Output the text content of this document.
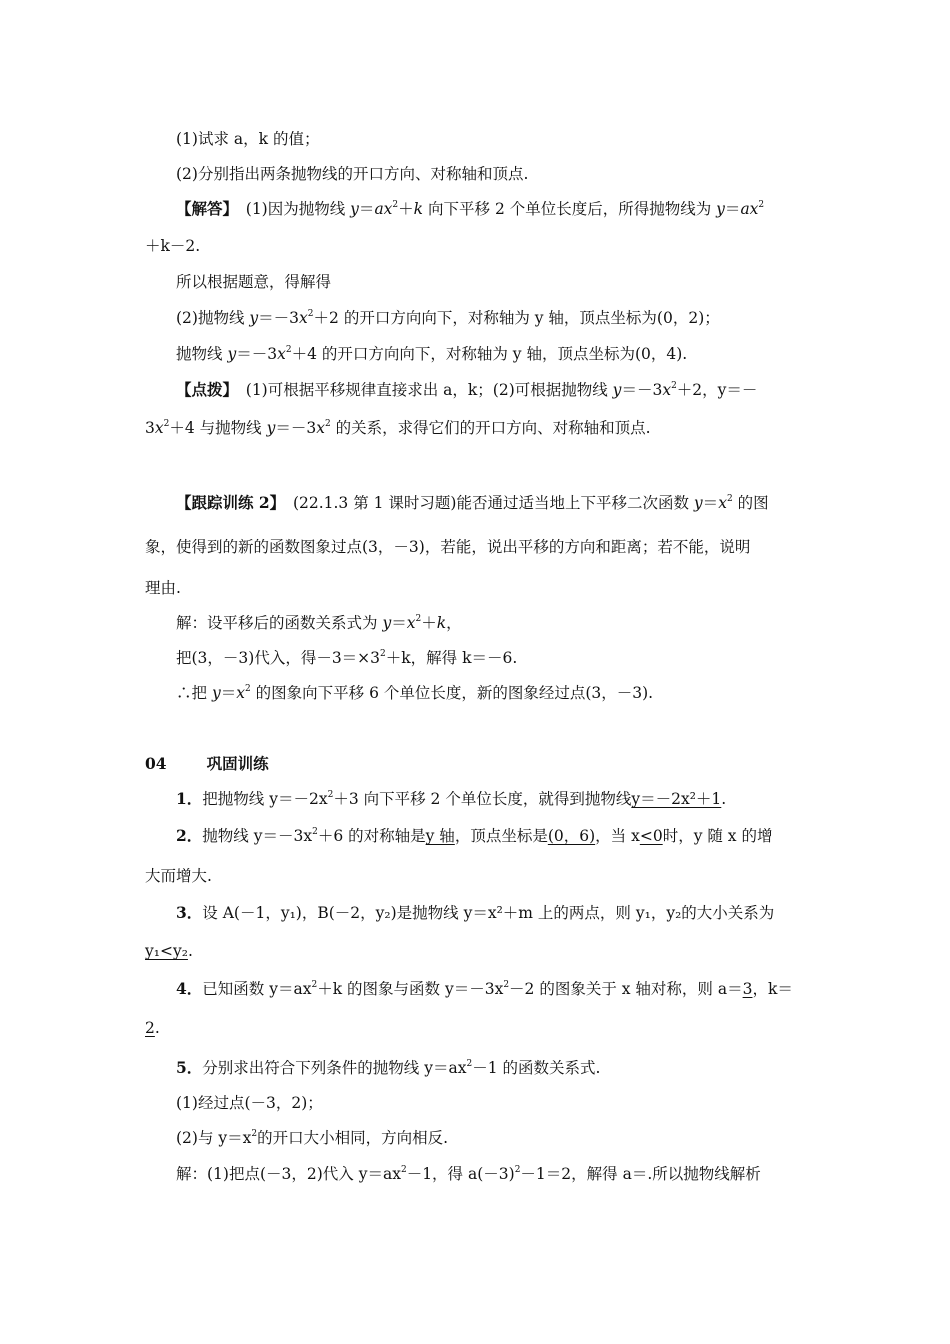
(1)试求 a，k 的值；
(2)分别指出两条抛物线的开口方向、对称轴和顶点.
【解答】　(1)因为抛物线 $y=ax^2+k$ 向下平移 2 个单位长度后，所得抛物线为 $y=ax^2$
＋k－2.
所以根据题意，得解得
(2)抛物线 $y=-3x^2+2$ 的开口方向向下，对称轴为 y 轴，顶点坐标为(0，2)；
抛物线 $y=-3x^2+4$ 的开口方向向下，对称轴为 y 轴，顶点坐标为(0，4).
【点拨】　(1)可根据平移规律直接求出 a，k；(2)可根据抛物线 $y=-3x^2+2$，y＝－
$3x^2+4$ 与抛物线 $y=-3x^2$ 的关系，求得它们的开口方向、对称轴和顶点.
【跟踪训练 2】　(22.1.3 第 1 课时习题)能否通过适当地上下平移二次函数 $y=x^2$ 的图
象，使得到的新的函数图象过点(3，－3)，若能，说出平移的方向和距离；若不能，说明
理由.
解：设平移后的函数关系式为 $y=x^2+k$，
把(3，－3)代入，得$-3=\times 3^2+k$，解得 k＝－6.
∴把 $y=x^2$ 的图象向下平移 6 个单位长度，新的图象经过点(3，－3).
04	巩固训练
1．把抛物线 $y=-2x^2+3$ 向下平移 2 个单位长度，就得到抛物线y＝－2x²＋1.
2．抛物线 $y=-3x^2+6$ 的对称轴是y 轴，顶点坐标是(0，6)，当 x<0时，y 随 x 的增
大而增大.
3．设 A(－1，y₁)，B(－2，y₂)是抛物线 y＝x²＋m 上的两点，则 y₁，y₂的大小关系为
y₁<y₂.
4．已知函数 $y=ax^2+k$ 的图象与函数 $y=-3x^2-2$ 的图象关于 x 轴对称，则 a＝3，k＝
2.
5．分别求出符合下列条件的抛物线 $y=ax^2-1$ 的函数关系式.
(1)经过点(－3，2)；
(2)与 $y=x^2$的开口大小相同，方向相反.
解：(1)把点(－3，2)代入 $y=ax^2-1$，得 $a(-3)^2-1=2$，解得 a＝.所以抛物线解析
